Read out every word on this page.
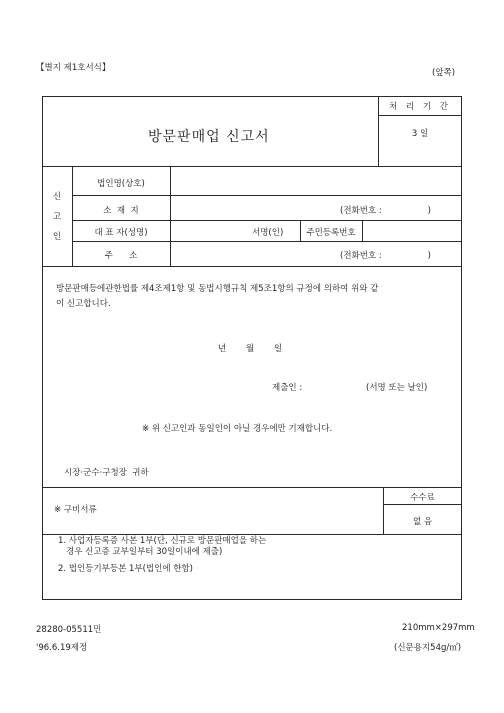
【별지 제1호서식】	(앞쪽)
방문판매업 신고서
처 리 기 간
3 일
신
고
인
법인명(상호)
소  재  지	(전화번호 :                 )
대 표 자(성명)	서명(인)	주민등록번호
주      소	(전화번호 :                 )
방문판매등에관한법률 제4조제1항 및 동법시행규칙 제5조1항의 규정에 의하여 위와 같
이 신고합니다.
년 월 일
제출인 :	(서명 또는 날인)
※ 위 신고인과 동일인이 아닐 경우에만 기재합니다.
시장·군수·구청장  귀하
수수료
없 음
※ 구비서류
1. 사업자등록증 사본 1부(단, 신규로 방문판매업을 하는
경우 신고증 교부일부터 30일이내에 제출)
2. 법인등기부등본 1부(법인에 한함)
28280-05511민
'96.6.19제정
210mm×297mm
(신문용지54g/㎡)
